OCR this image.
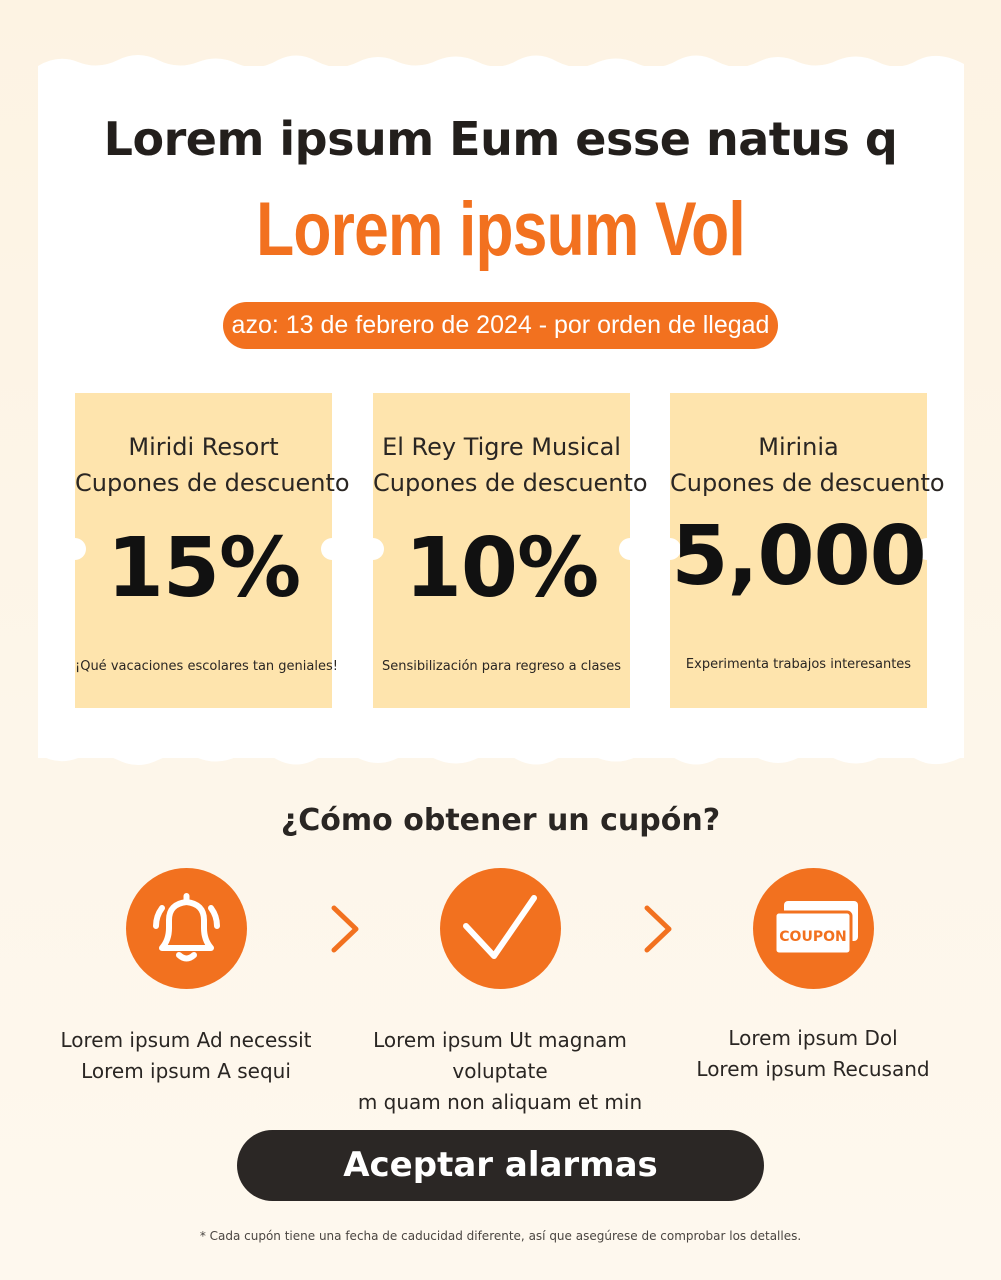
Lorem ipsum Eum esse natus q
Lorem ipsum Vol
azo: 13 de febrero de 2024 - por orden de llegad
Miridi Resort
Cupones de descuento
15%
¡Qué vacaciones escolares tan geniales!
El Rey Tigre Musical
Cupones de descuento
10%
Sensibilización para regreso a clases
Mirinia
Cupones de descuento
5,000
Experimenta trabajos interesantes
¿Cómo obtener un cupón?
COUPON
Lorem ipsum Ad necessit
Lorem ipsum A sequi
Lorem ipsum Ut magnam voluptate
m quam non aliquam et min
Lorem ipsum Dol
Lorem ipsum Recusand
Aceptar alarmas
* Cada cupón tiene una fecha de caducidad diferente, así que asegúrese de comprobar los detalles.
